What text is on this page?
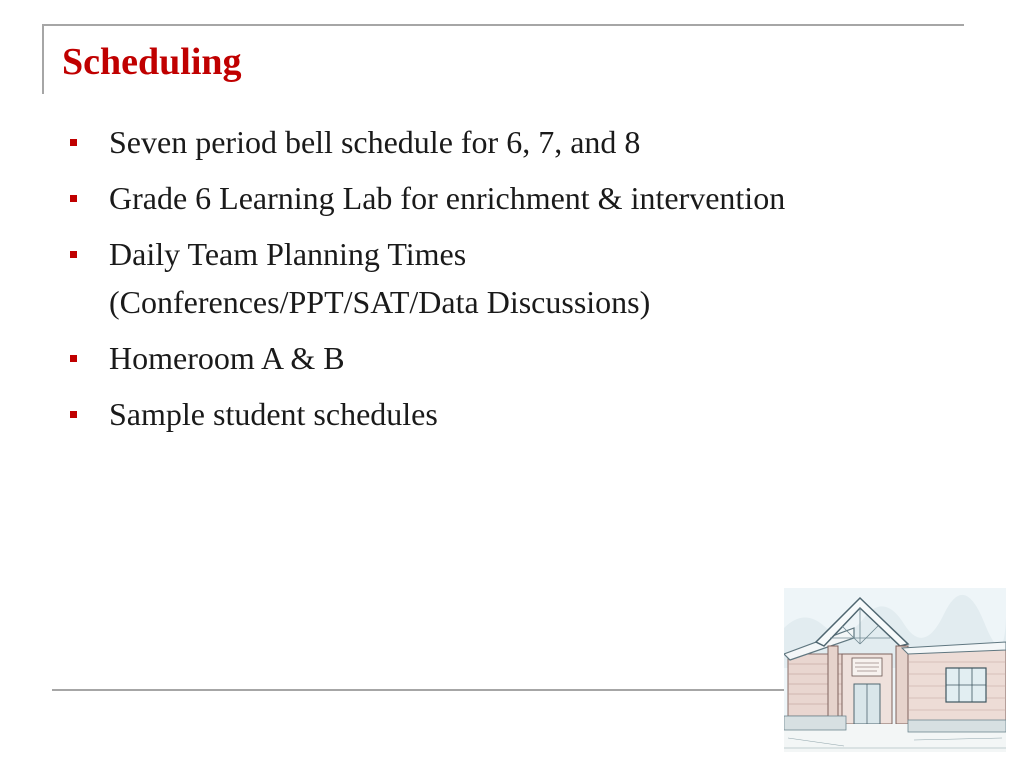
Scheduling
Seven period bell schedule for 6, 7, and 8
Grade 6 Learning Lab for enrichment & intervention
Daily Team Planning Times
(Conferences/PPT/SAT/Data Discussions)
Homeroom A & B
Sample student schedules
